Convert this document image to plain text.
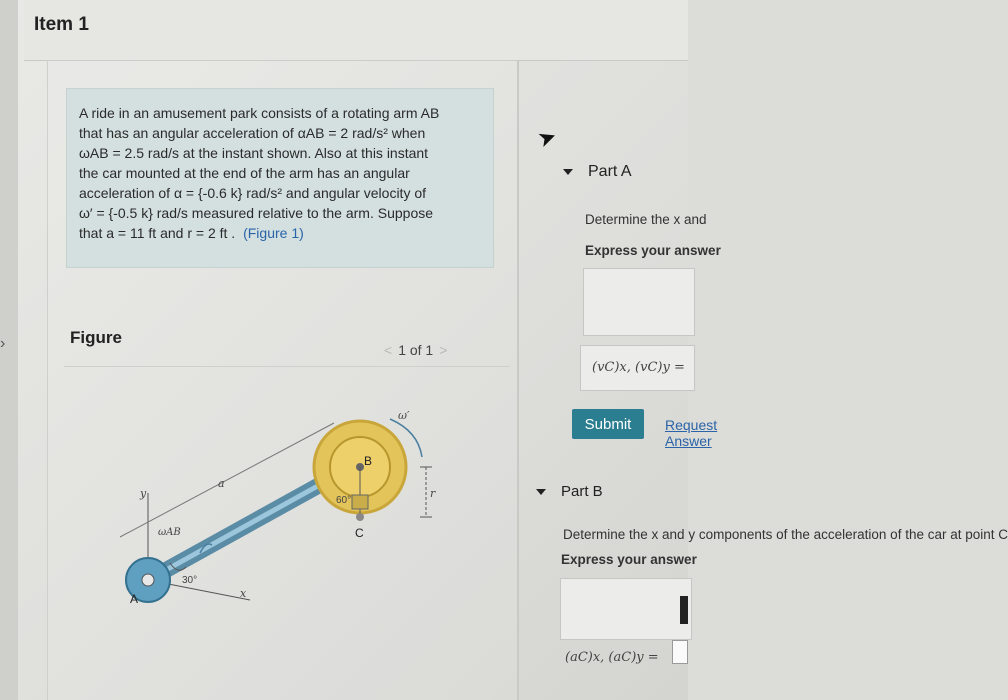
›
Item 1
A ride in an amusement park consists of a rotating arm AB
that has an angular acceleration of αAB = 2 rad/s² when
ωAB = 2.5 rad/s at the instant shown. Also at this instant
the car mounted at the end of the arm has an angular
acceleration of α = {-0.6 k} rad/s² and angular velocity of
ω′ = {-0.5 k} rad/s measured relative to the arm. Suppose
that a = 11 ft and r = 2 ft . (Figure 1)
Figure
< 1 of 1 >
y
x
a
30°
A
ωAB
B
C
60°
r
ω′
➤
Part A
Determine the x and
Express your answer
(vC)x, (vC)y =
Submit	Request Answer
Part B
Determine the x and y components of the acceleration of the car at point C
Express your answer
(aC)x, (aC)y =
